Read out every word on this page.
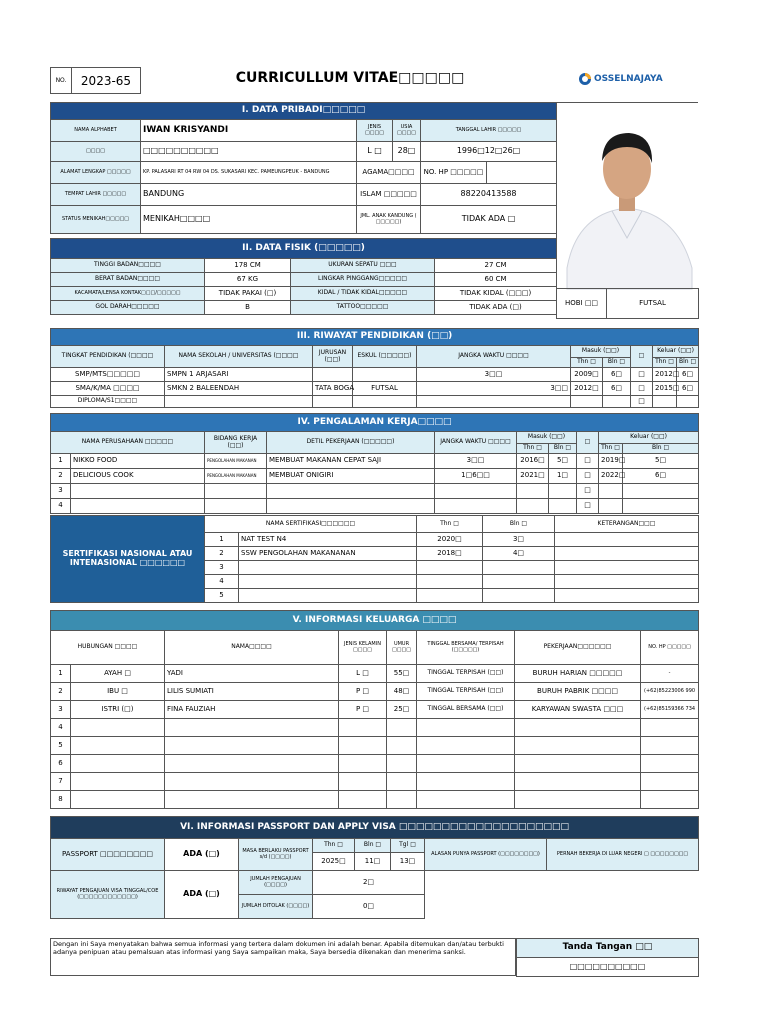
NO.	2023-65	CURRICULLUM VITAE□□□□□	OSSELNAJAYA
I. DATA PRIBADI□□□□□					
NAMA ALPHABET	IWAN KRISYANDI	JENIS □□□□	USIA □□□□	TANGGAL LAHIR □□□□□	
□□□□	□□□□□□□□□□	L □	28□	1996□12□26□	
ALAMAT LENGKAP □□□□□	KP. PALASARI RT 04 RW 04 DS. SUKASARI KEC. PAMEUNGPEUK - BANDUNG	AGAMA□□□□		NO. HP □□□□□	
TEMPAT LAHIR □□□□□	BANDUNG	ISLAM □□□□□		88220413588	
STATUS MENIKAH□□□□□	MENIKAH□□□□	JML. ANAK KANDUNG ( □□□□□)		TIDAK ADA □	
II. DATA FISIK (□□□□□)			
TINGGI BADAN□□□□	178 CM	UKURAN SEPATU □□□	27 CM
BERAT BADAN□□□□	67 KG	LINGKAR PINGGANG□□□□□	60 CM
KACAMATA/LENSA KONTAK□□□/□□□□□	TIDAK PAKAI (□)	KIDAL / TIDAK KIDAL□□□□□	TIDAK KIDAL (□□□)
GOL DARAH□□□□□	B	TATTOO□□□□□	TIDAK ADA (□)	HOBI □□	FUTSAL
III. RIWAYAT PENDIDIKAN (□□)									
TINGKAT PENDIDIKAN (□□□□	NAMA SEKOLAH / UNIVERSITAS (□□□□	JURUSAN (□□)	ESKUL (□□□□□)	JANGKA WAKTU □□□□	Masuk (□□)		□	Keluar (□□)	
					Thn □	Bln □		Thn □	Bln □
SMP/MTS□□□□□	SMPN 1 ARJASARI			3□□	2009□	6□	□	2012□	6□
SMA/K/MA □□□□	SMKN 2 BALEENDAH	TATA BOGA	FUTSAL	3□□	2012□	6□	□	2015□	6□
DIPLOMA/S1□□□□							□		
IV. PENGALAMAN KERJA□□□□									
NAMA PERUSAHAAN □□□□□		BIDANG KERJA (□□)	DETIL PEKERJAAN (□□□□□)	JANGKA WAKTU □□□□	Masuk (□□)		□	Keluar (□□)	
					Thn □	Bln □		Thn □	Bln □
1	NIKKO FOOD	PENGOLAHAN MAKANAN	MEMBUAT MAKANAN CEPAT SAJI	3□□	2016□	5□	□	2019□	5□
2	DELICIOUS COOK	PENGOLAHAN MAKANAN	MEMBUAT ONIGIRI	1□6□□	2021□	1□	□	2022□	6□
3							□		
4							□		
SERTIFIKASI NASIONAL ATAU INTENASIONAL □□□□□□	NAMA SERTIFIKASI□□□□□□		Thn □	Bln □	KETERANGAN□□□
	1	NAT TEST N4	2020□	3□	
	2	SSW PENGOLAHAN MAKANANAN	2018□	4□	
	3				
	4				
	5				
V. INFORMASI KELUARGA □□□□							
HUBUNGAN □□□□		NAMA□□□□	JENIS KELAMIN □□□□	UMUR □□□□	TINGGAL BERSAMA/ TERPISAH (□□□□□)	PEKERJAAN□□□□□□	NO. HP □□□□□
1	AYAH □	YADI	L □	55□	TINGGAL TERPISAH (□□)	BURUH HARIAN □□□□□	-
2	IBU □	LILIS SUMIATI	P □	48□	TINGGAL TERPISAH (□□)	BURUH PABRIK □□□□	(+62)85223006 990
3	ISTRI (□)	FINA FAUZIAH	P □	25□	TINGGAL BERSAMA (□□)	KARYAWAN SWASTA □□□	(+62)85159366 734
4							
5							
6							
7							
8							
VI. INFORMASI PASSPORT DAN APPLY VISA □□□□□□□□□□□□□□□□□□□□							
PASSPORT □□□□□□□□	ADA (□)	MASA BERLAKU PASSPORT s/d (□□□□)	Thn □	Bln □	Tgl □	ALASAN PUNYA PASSPORT (□□□□□□□□)	PERNAH BEKERJA DI LUAR NEGERI □ □□□□□□□□
			2025□	11□	13□		
RIWAYAT PENGAJUAN VISA TINGGAL/COE (□□□□□□□□□□□□)	ADA (□)	JUMLAH PENGAJUAN (□□□□)	2□				
		JUMLAH DITOLAK (□□□□)	0□				
Dengan ini Saya menyatakan bahwa semua informasi yang tertera dalam dokumen ini adalah benar. Apabila ditemukan dan/atau terbukti adanya penipuan atau pemalsuan atas informasi yang Saya sampaikan maka, Saya bersedia dikenakan dan menerima sanksi.
Tanda Tangan □□
□□□□□□□□□□
